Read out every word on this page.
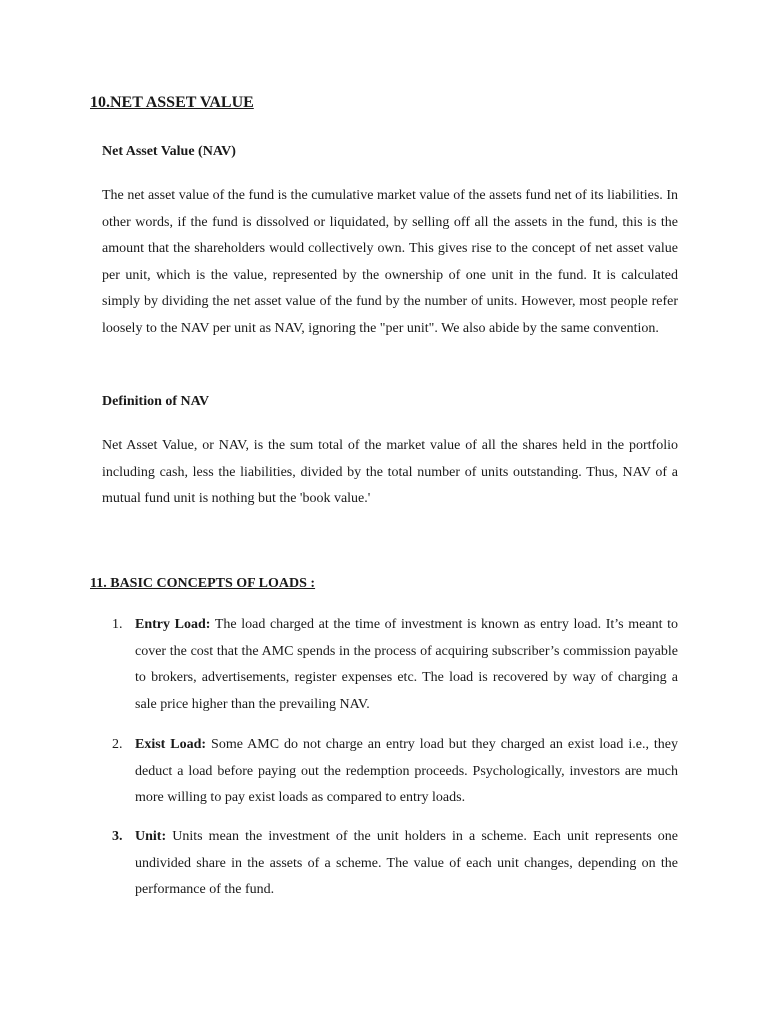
10.NET ASSET VALUE
Net Asset Value (NAV)

The net asset value of the fund is the cumulative market value of the assets fund net of its liabilities. In other words, if the fund is dissolved or liquidated, by selling off all the assets in the fund, this is the amount that the shareholders would collectively own. This gives rise to the concept of net asset value per unit, which is the value, represented by the ownership of one unit in the fund. It is calculated simply by dividing the net asset value of the fund by the number of units. However, most people refer loosely to the NAV per unit as NAV, ignoring the "per unit". We also abide by the same convention.

Definition of NAV

Net Asset Value, or NAV, is the sum total of the market value of all the shares held in the portfolio including cash, less the liabilities, divided by the total number of units outstanding. Thus, NAV of a mutual fund unit is nothing but the 'book value.'

11. BASIC CONCEPTS OF LOADS :
1. Entry Load: The load charged at the time of investment is known as entry load. It’s meant to cover the cost that the AMC spends in the process of acquiring subscriber’s commission payable to brokers, advertisements, register expenses etc. The load is recovered by way of charging a sale price higher than the prevailing NAV.
2. Exist Load: Some AMC do not charge an entry load but they charged an exist load i.e., they deduct a load before paying out the redemption proceeds. Psychologically, investors are much more willing to pay exist loads as compared to entry loads.
3. Unit: Units mean the investment of the unit holders in a scheme. Each unit represents one undivided share in the assets of a scheme. The value of each unit changes, depending on the performance of the fund.
